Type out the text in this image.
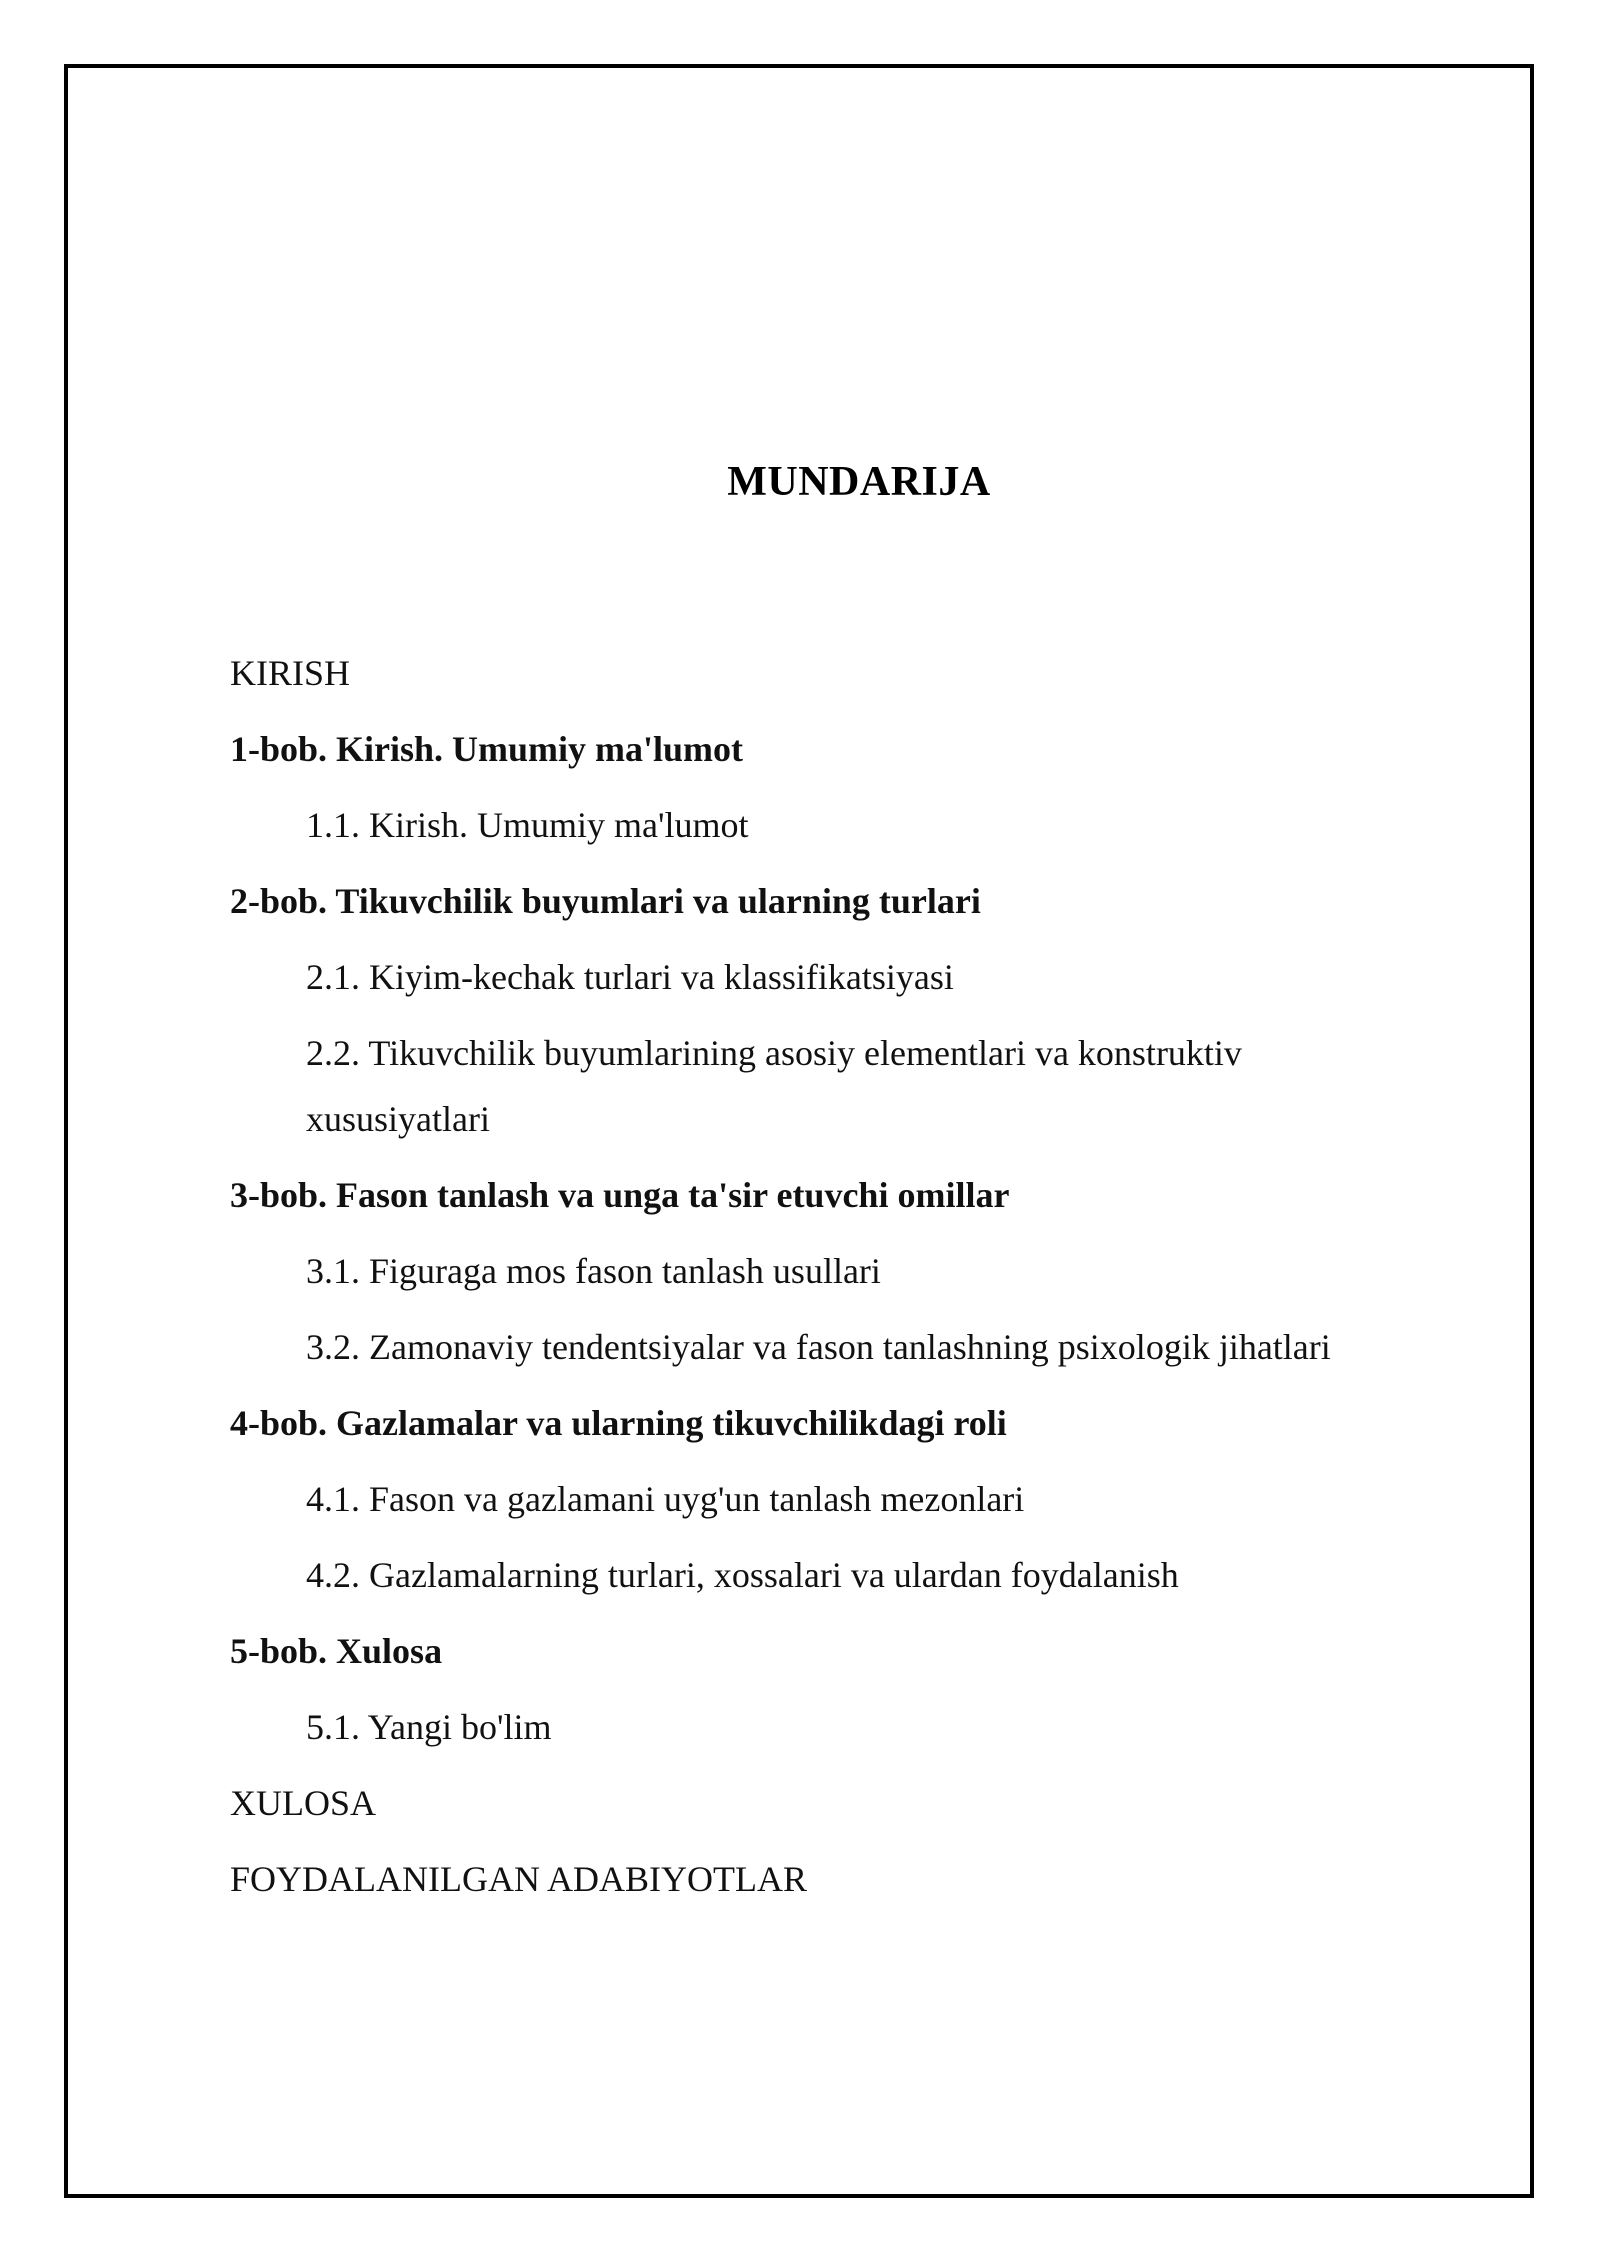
MUNDARIJA
KIRISH
1-bob. Kirish. Umumiy ma'lumot
1.1. Kirish. Umumiy ma'lumot
2-bob. Tikuvchilik buyumlari va ularning turlari
2.1. Kiyim-kechak turlari va klassifikatsiyasi
2.2. Tikuvchilik buyumlarining asosiy elementlari va konstruktiv xususiyatlari
3-bob. Fason tanlash va unga ta'sir etuvchi omillar
3.1. Figuraga mos fason tanlash usullari
3.2. Zamonaviy tendentsiyalar va fason tanlashning psixologik jihatlari
4-bob. Gazlamalar va ularning tikuvchilikdagi roli
4.1. Fason va gazlamani uyg'un tanlash mezonlari
4.2. Gazlamalarning turlari, xossalari va ulardan foydalanish
5-bob. Xulosa
5.1. Yangi bo'lim
XULOSA
FOYDALANILGAN ADABIYOTLAR
